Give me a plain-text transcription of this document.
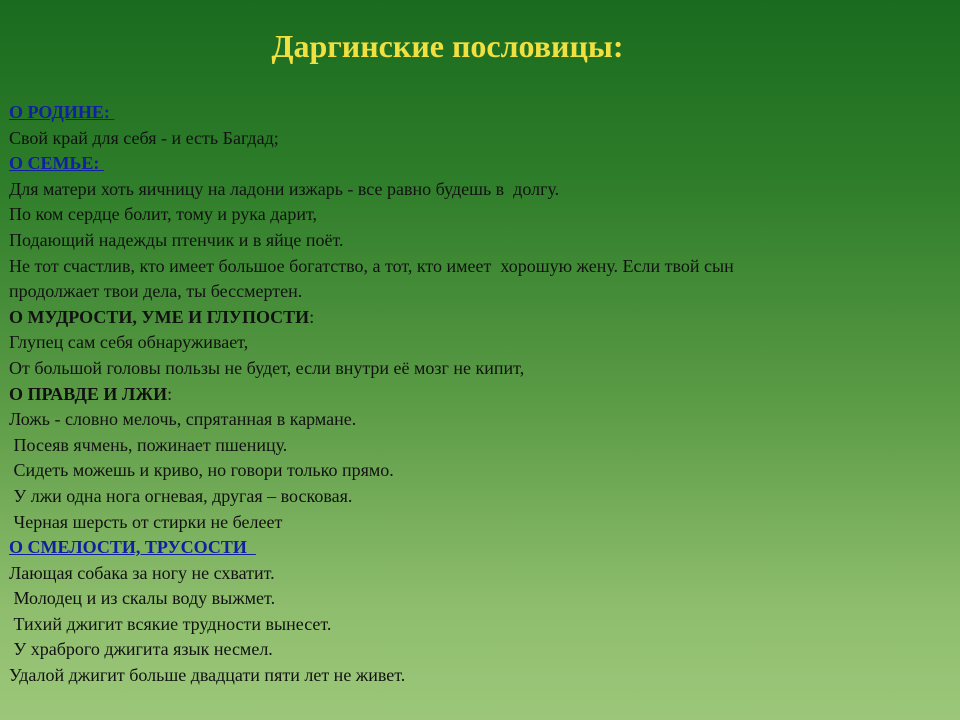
Даргинские пословицы:

О РОДИНЕ:

Свой край для себя - и есть Багдад;

О СЕМЬЕ:

Для матери хоть яичницу на ладони изжарь - все равно будешь в  долгу.

По ком сердце болит, тому и рука дарит,

Подающий надежды птенчик и в яйце поёт.

Не тот счастлив, кто имеет большое богатство, а тот, кто имеет  хорошую жену. Если твой сын

продолжает твои дела, ты бессмертен.

О МУДРОСТИ, УМЕ И ГЛУПОСТИ:

Глупец сам себя обнаруживает,

От большой головы пользы не будет, если внутри её мозг не кипит,

О ПРАВДЕ И ЛЖИ:

Ложь - словно мелочь, спрятанная в кармане.

Посеяв ячмень, пожинает пшеницу.

Сидеть можешь и криво, но говори только прямо.

У лжи одна нога огневая, другая – восковая.

Черная шерсть от стирки не белеет

О СМЕЛОСТИ, ТРУСОСТИ

Лающая собака за ногу не схватит.

Молодец и из скалы воду выжмет.

Тихий джигит всякие трудности вынесет.

У храброго джигита язык несмел.

Удалой джигит больше двадцати пяти лет не живет.
